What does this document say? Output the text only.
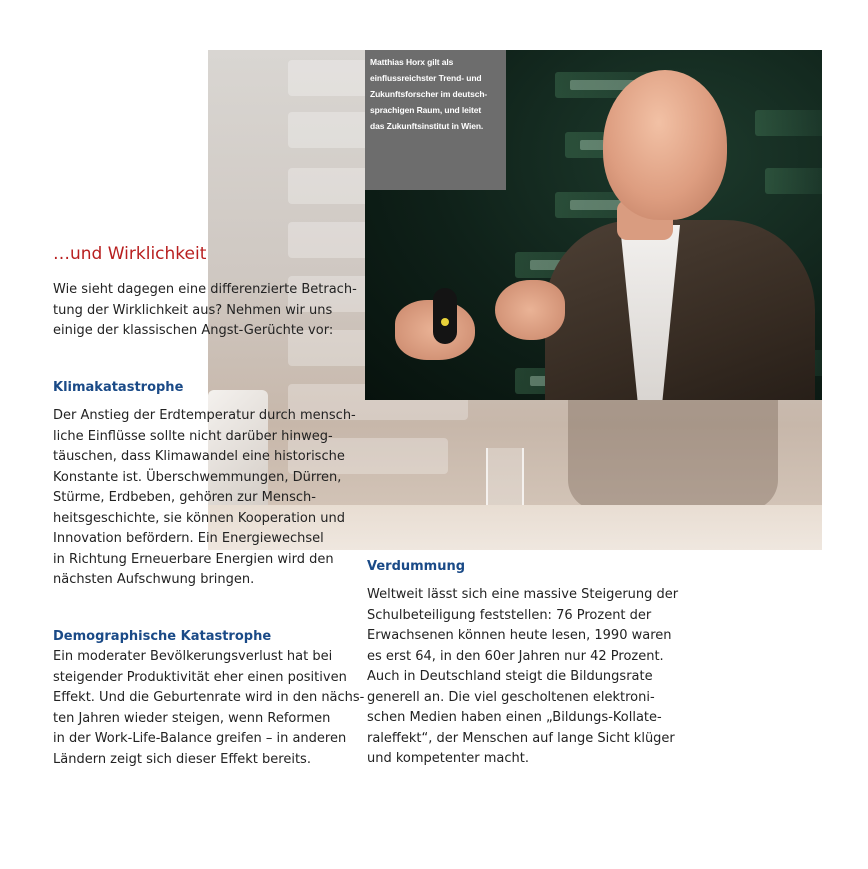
Matthias Horx gilt als

einflussreichster Trend- und

Zukunftsforscher im deutsch-

sprachigen Raum, und leitet

das Zukunftsinstitut in Wien.

…und Wirklichkeit

Wie sieht dagegen eine differenzierte Betrach-
tung der Wirklichkeit aus? Nehmen wir uns
einige der klassischen Angst-Gerüchte vor:

Klimakatastrophe

Der Anstieg der Erdtemperatur durch mensch-
liche Einflüsse sollte nicht darüber hinweg-
täuschen, dass Klimawandel eine historische
Konstante ist. Überschwemmungen, Dürren,
Stürme, Erdbeben, gehören zur Mensch-
heitsgeschichte, sie können Kooperation und
Innovation befördern. Ein Energiewechsel
in Richtung Erneuerbare Energien wird den
nächsten Aufschwung bringen.

Demographische Katastrophe

Ein moderater Bevölkerungsverlust hat bei
steigender Produktivität eher einen positiven
Effekt. Und die Geburtenrate wird in den nächs-
ten Jahren wieder steigen, wenn Reformen
in der Work-Life-Balance greifen – in anderen
Ländern zeigt sich dieser Effekt bereits.

Verdummung

Weltweit lässt sich eine massive Steigerung der
Schulbeteiligung feststellen: 76 Prozent der
Erwachsenen können heute lesen, 1990 waren
es erst 64, in den 60er Jahren nur 42 Prozent.
Auch in Deutschland steigt die Bildungsrate
generell an. Die viel gescholtenen elektroni-
schen Medien haben einen „Bildungs-Kollate-
raleffekt“, der Menschen auf lange Sicht klüger
und kompetenter macht.
